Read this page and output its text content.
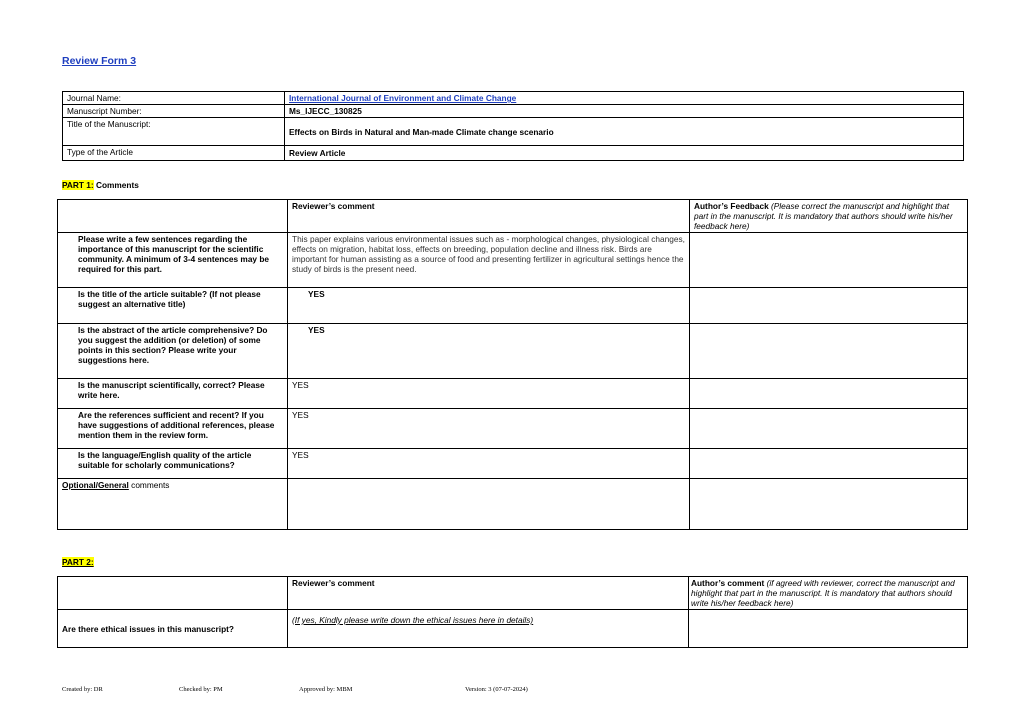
Review Form 3
Journal Name:	International Journal of Environment and Climate Change
Manuscript Number:	Ms_IJECC_130825
Title of the Manuscript:	Effects on Birds in Natural and Man-made Climate change scenario
Type of the Article	Review Article
PART 1: Comments
	Reviewer’s comment	Author’s Feedback (Please correct the manuscript and highlight that part in the manuscript. It is mandatory that authors should write his/her feedback here)
Please write a few sentences regarding the importance of this manuscript for the scientific community. A minimum of 3-4 sentences may be required for this part.	This paper explains various environmental issues such as - morphological changes, physiological changes, effects on migration, habitat loss, effects on breeding, population decline and illness risk. Birds are important for human assisting as a source of food and presenting fertilizer in agricultural settings hence the study of birds is the present need.	
Is the title of the article suitable? (If not please suggest an alternative title)	YES	
Is the abstract of the article comprehensive? Do you suggest the addition (or deletion) of some points in this section? Please write your suggestions here.	YES	
Is the manuscript scientifically, correct? Please write here.	YES	
Are the references sufficient and recent? If you have suggestions of additional references, please mention them in the review form.	YES	
Is the language/English quality of the article suitable for scholarly communications?	YES	
Optional/General comments		
PART 2:
	Reviewer’s comment	Author’s comment (if agreed with reviewer, correct the manuscript and highlight that part in the manuscript. It is mandatory that authors should write his/her feedback here)
Are there ethical issues in this manuscript?	(If yes, Kindly please write down the ethical issues here in details)	
Created by: DR	Checked by: PM	Approved by: MBM	Version: 3 (07-07-2024)
